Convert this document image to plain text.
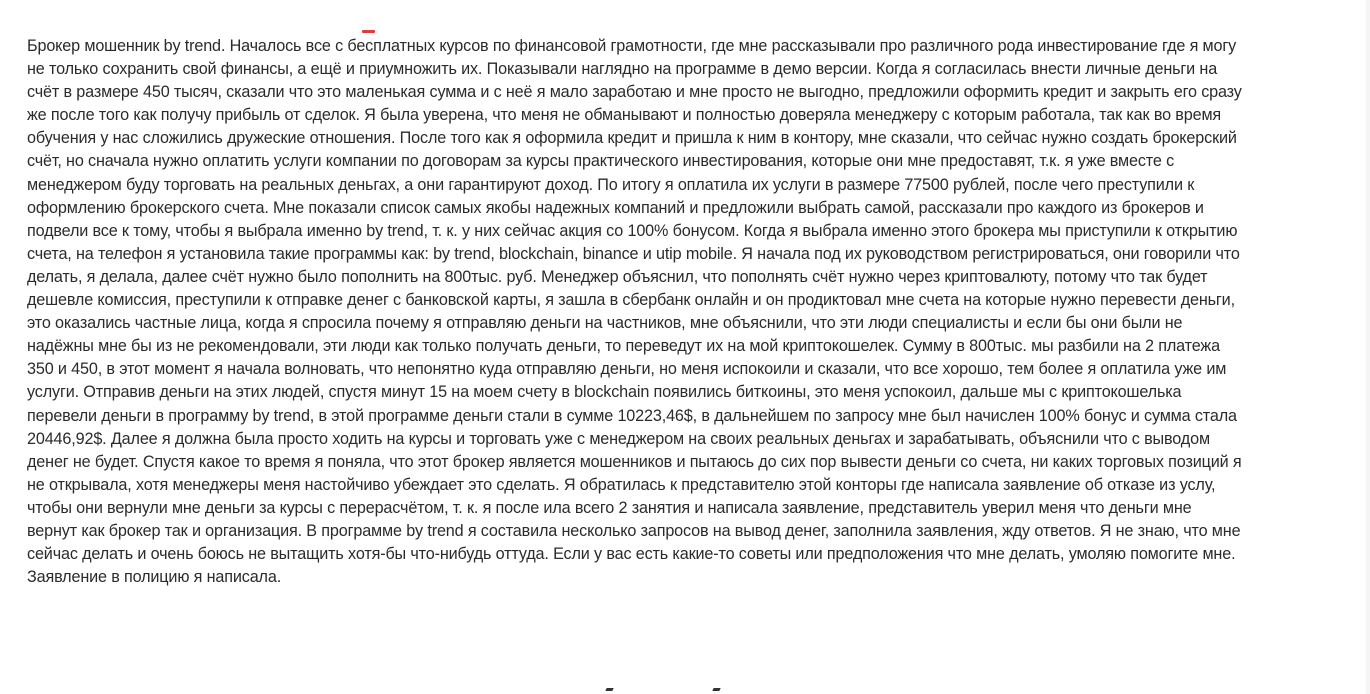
Брокер мошенник by trend. Началось все с бесплатных курсов по финансовой грамотности, где мне рассказывали про различного рода инвестирование где я могу
не только сохранить свой финансы, а ещё и приумножить их. Показывали наглядно на программе в демо версии. Когда я согласилась внести личные деньги на
счёт в размере 450 тысяч, сказали что это маленькая сумма и с неё я мало заработаю и мне просто не выгодно, предложили оформить кредит и закрыть его сразу
же после того как получу прибыль от сделок. Я была уверена, что меня не обманывают и полностью доверяла менеджеру с которым работала, так как во время
обучения у нас сложились дружеские отношения. После того как я оформила кредит и пришла к ним в контору, мне сказали, что сейчас нужно создать брокерский
счёт, но сначала нужно оплатить услуги компании по договорам за курсы практического инвестирования, которые они мне предоставят, т.к. я уже вместе с
менеджером буду торговать на реальных деньгах, а они гарантируют доход. По итогу я оплатила их услуги в размере 77500 рублей, после чего преступили к
оформлению брокерского счета. Мне показали список самых якобы надежных компаний и предложили выбрать самой, рассказали про каждого из брокеров и
подвели все к тому, чтобы я выбрала именно by trend, т. к. у них сейчас акция со 100% бонусом. Когда я выбрала именно этого брокера мы приступили к открытию
счета, на телефон я установила такие программы как: by trend, blockchain, binance и utip mobile. Я начала под их руководством регистрироваться, они говорили что
делать, я делала, далее счёт нужно было пополнить на 800тыс. руб. Менеджер объяснил, что пополнять счёт нужно через криптовалюту, потому что так будет
дешевле комиссия, преступили к отправке денег с банковской карты, я зашла в сбербанк онлайн и он продиктовал мне счета на которые нужно перевести деньги,
это оказались частные лица, когда я спросила почему я отправляю деньги на частников, мне объяснили, что эти люди специалисты и если бы они были не
надёжны мне бы из не рекомендовали, эти люди как только получать деньги, то переведут их на мой криптокошелек. Сумму в 800тыс. мы разбили на 2 платежа
350 и 450, в этот момент я начала волновать, что непонятно куда отправляю деньги, но меня испокоили и сказали, что все хорошо, тем более я оплатила уже им
услуги. Отправив деньги на этих людей, спустя минут 15 на моем счету в blockchain появились биткоины, это меня успокоил, дальше мы с криптокошелька
перевели деньги в программу by trend, в этой программе деньги стали в сумме 10223,46$, в дальнейшем по запросу мне был начислен 100% бонус и сумма стала
20446,92$. Далее я должна была просто ходить на курсы и торговать уже с менеджером на своих реальных деньгах и зарабатывать, объяснили что с выводом
денег не будет. Спустя какое то время я поняла, что этот брокер является мошенников и пытаюсь до сих пор вывести деньги со счета, ни каких торговых позиций я
не открывала, хотя менеджеры меня настойчиво убеждает это сделать. Я обратилась к представителю этой конторы где написала заявление об отказе из услу,
чтобы они вернули мне деньги за курсы с перерасчётом, т. к. я после ила всего 2 занятия и написала заявление, представитель уверил меня что деньги мне
вернут как брокер так и организация. В программе by trend я составила несколько запросов на вывод денег, заполнила заявления, жду ответов. Я не знаю, что мне
сейчас делать и очень боюсь не вытащить хотя-бы что-нибудь оттуда. Если у вас есть какие-то советы или предположения что мне делать, умоляю помогите мне.
Заявление в полицию я написала.
